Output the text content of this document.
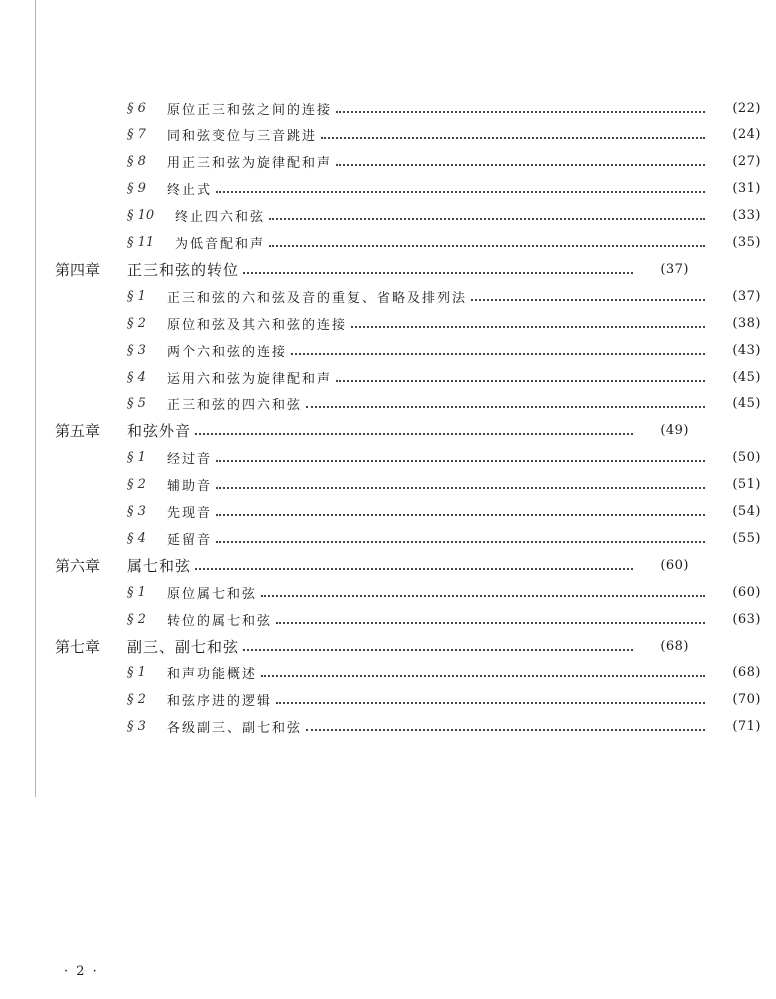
§ 6	原位正三和弦之间的连接	(22)
§ 7	同和弦变位与三音跳进	(24)
§ 8	用正三和弦为旋律配和声	(27)
§ 9	终止式	(31)
§ 10	终止四六和弦	(33)
§ 11	为低音配和声	(35)
第四章	正三和弦的转位	(37)
§ 1	正三和弦的六和弦及音的重复、省略及排列法	(37)
§ 2	原位和弦及其六和弦的连接	(38)
§ 3	两个六和弦的连接	(43)
§ 4	运用六和弦为旋律配和声	(45)
§ 5	正三和弦的四六和弦	(45)
第五章	和弦外音	(49)
§ 1	经过音	(50)
§ 2	辅助音	(51)
§ 3	先现音	(54)
§ 4	延留音	(55)
第六章	属七和弦	(60)
§ 1	原位属七和弦	(60)
§ 2	转位的属七和弦	(63)
第七章	副三、副七和弦	(68)
§ 1	和声功能概述	(68)
§ 2	和弦序进的逻辑	(70)
§ 3	各级副三、副七和弦	(71)
· 2 ·
